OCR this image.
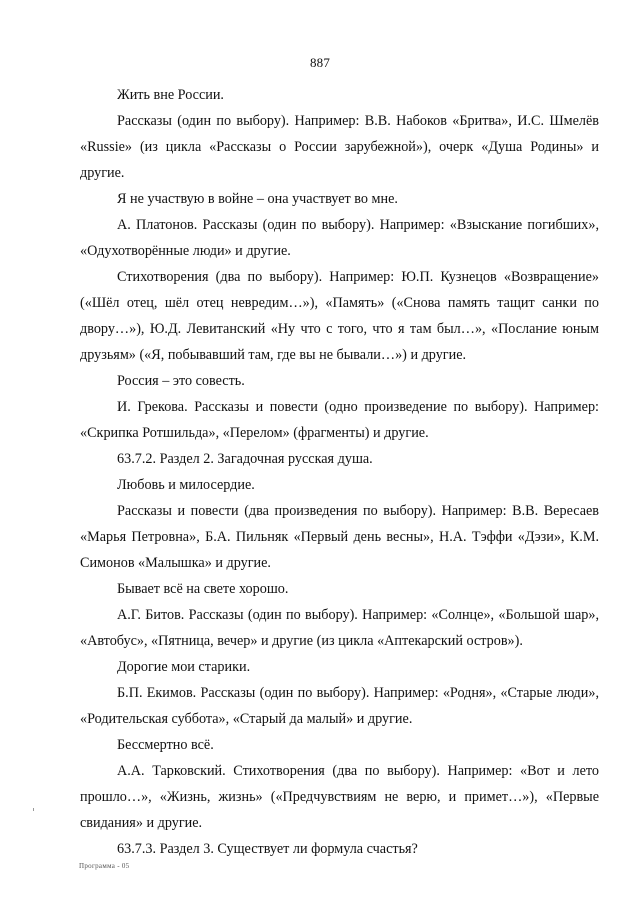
887

Жить вне России.

Рассказы (один по выбору). Например: В.В. Набоков «Бритва», И.С. Шмелёв «Russie» (из цикла «Рассказы о России зарубежной»), очерк «Душа Родины» и другие.

Я не участвую в войне – она участвует во мне.

А. Платонов. Рассказы (один по выбору). Например: «Взыскание погибших», «Одухотворённые люди» и другие.

Стихотворения (два по выбору). Например: Ю.П. Кузнецов «Возвращение» («Шёл отец, шёл отец невредим…»), «Память» («Снова память тащит санки по двору…»), Ю.Д. Левитанский «Ну что с того, что я там был…», «Послание юным друзьям» («Я, побывавший там, где вы не бывали…») и другие.

Россия – это совесть.

И. Грекова. Рассказы и повести (одно произведение по выбору). Например: «Скрипка Ротшильда», «Перелом» (фрагменты) и другие.

63.7.2. Раздел 2. Загадочная русская душа.

Любовь и милосердие.

Рассказы и повести (два произведения по выбору). Например: В.В. Вересаев «Марья Петровна», Б.А. Пильняк «Первый день весны», Н.А. Тэффи «Дэзи», К.М. Симонов «Малышка» и другие.

Бывает всё на свете хорошо.

А.Г. Битов. Рассказы (один по выбору). Например: «Солнце», «Большой шар», «Автобус», «Пятница, вечер» и другие (из цикла «Аптекарский остров»).

Дорогие мои старики.

Б.П. Екимов. Рассказы (один по выбору). Например: «Родня», «Старые люди», «Родительская суббота», «Старый да малый» и другие.

Бессмертно всё.

А.А. Тарковский. Стихотворения (два по выбору). Например: «Вот и лето прошло…», «Жизнь, жизнь» («Предчувствиям не верю, и примет…»), «Первые свидания» и другие.

63.7.3. Раздел 3. Существует ли формула счастья?

Программа - 05
